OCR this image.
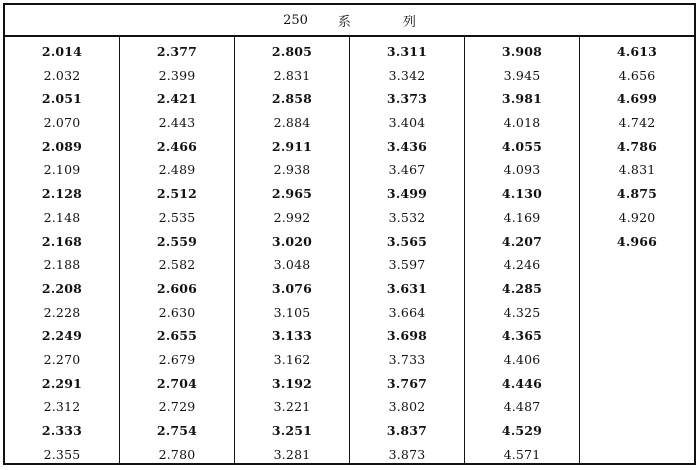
250 系	列
2.014
2.032
2.051
2.070
2.089
2.109
2.128
2.148
2.168
2.188
2.208
2.228
2.249
2.270
2.291
2.312
2.333
2.355
2.377
2.399
2.421
2.443
2.466
2.489
2.512
2.535
2.559
2.582
2.606
2.630
2.655
2.679
2.704
2.729
2.754
2.780
2.805
2.831
2.858
2.884
2.911
2.938
2.965
2.992
3.020
3.048
3.076
3.105
3.133
3.162
3.192
3.221
3.251
3.281
3.311
3.342
3.373
3.404
3.436
3.467
3.499
3.532
3.565
3.597
3.631
3.664
3.698
3.733
3.767
3.802
3.837
3.873
3.908
3.945
3.981
4.018
4.055
4.093
4.130
4.169
4.207
4.246
4.285
4.325
4.365
4.406
4.446
4.487
4.529
4.571
4.613
4.656
4.699
4.742
4.786
4.831
4.875
4.920
4.966
